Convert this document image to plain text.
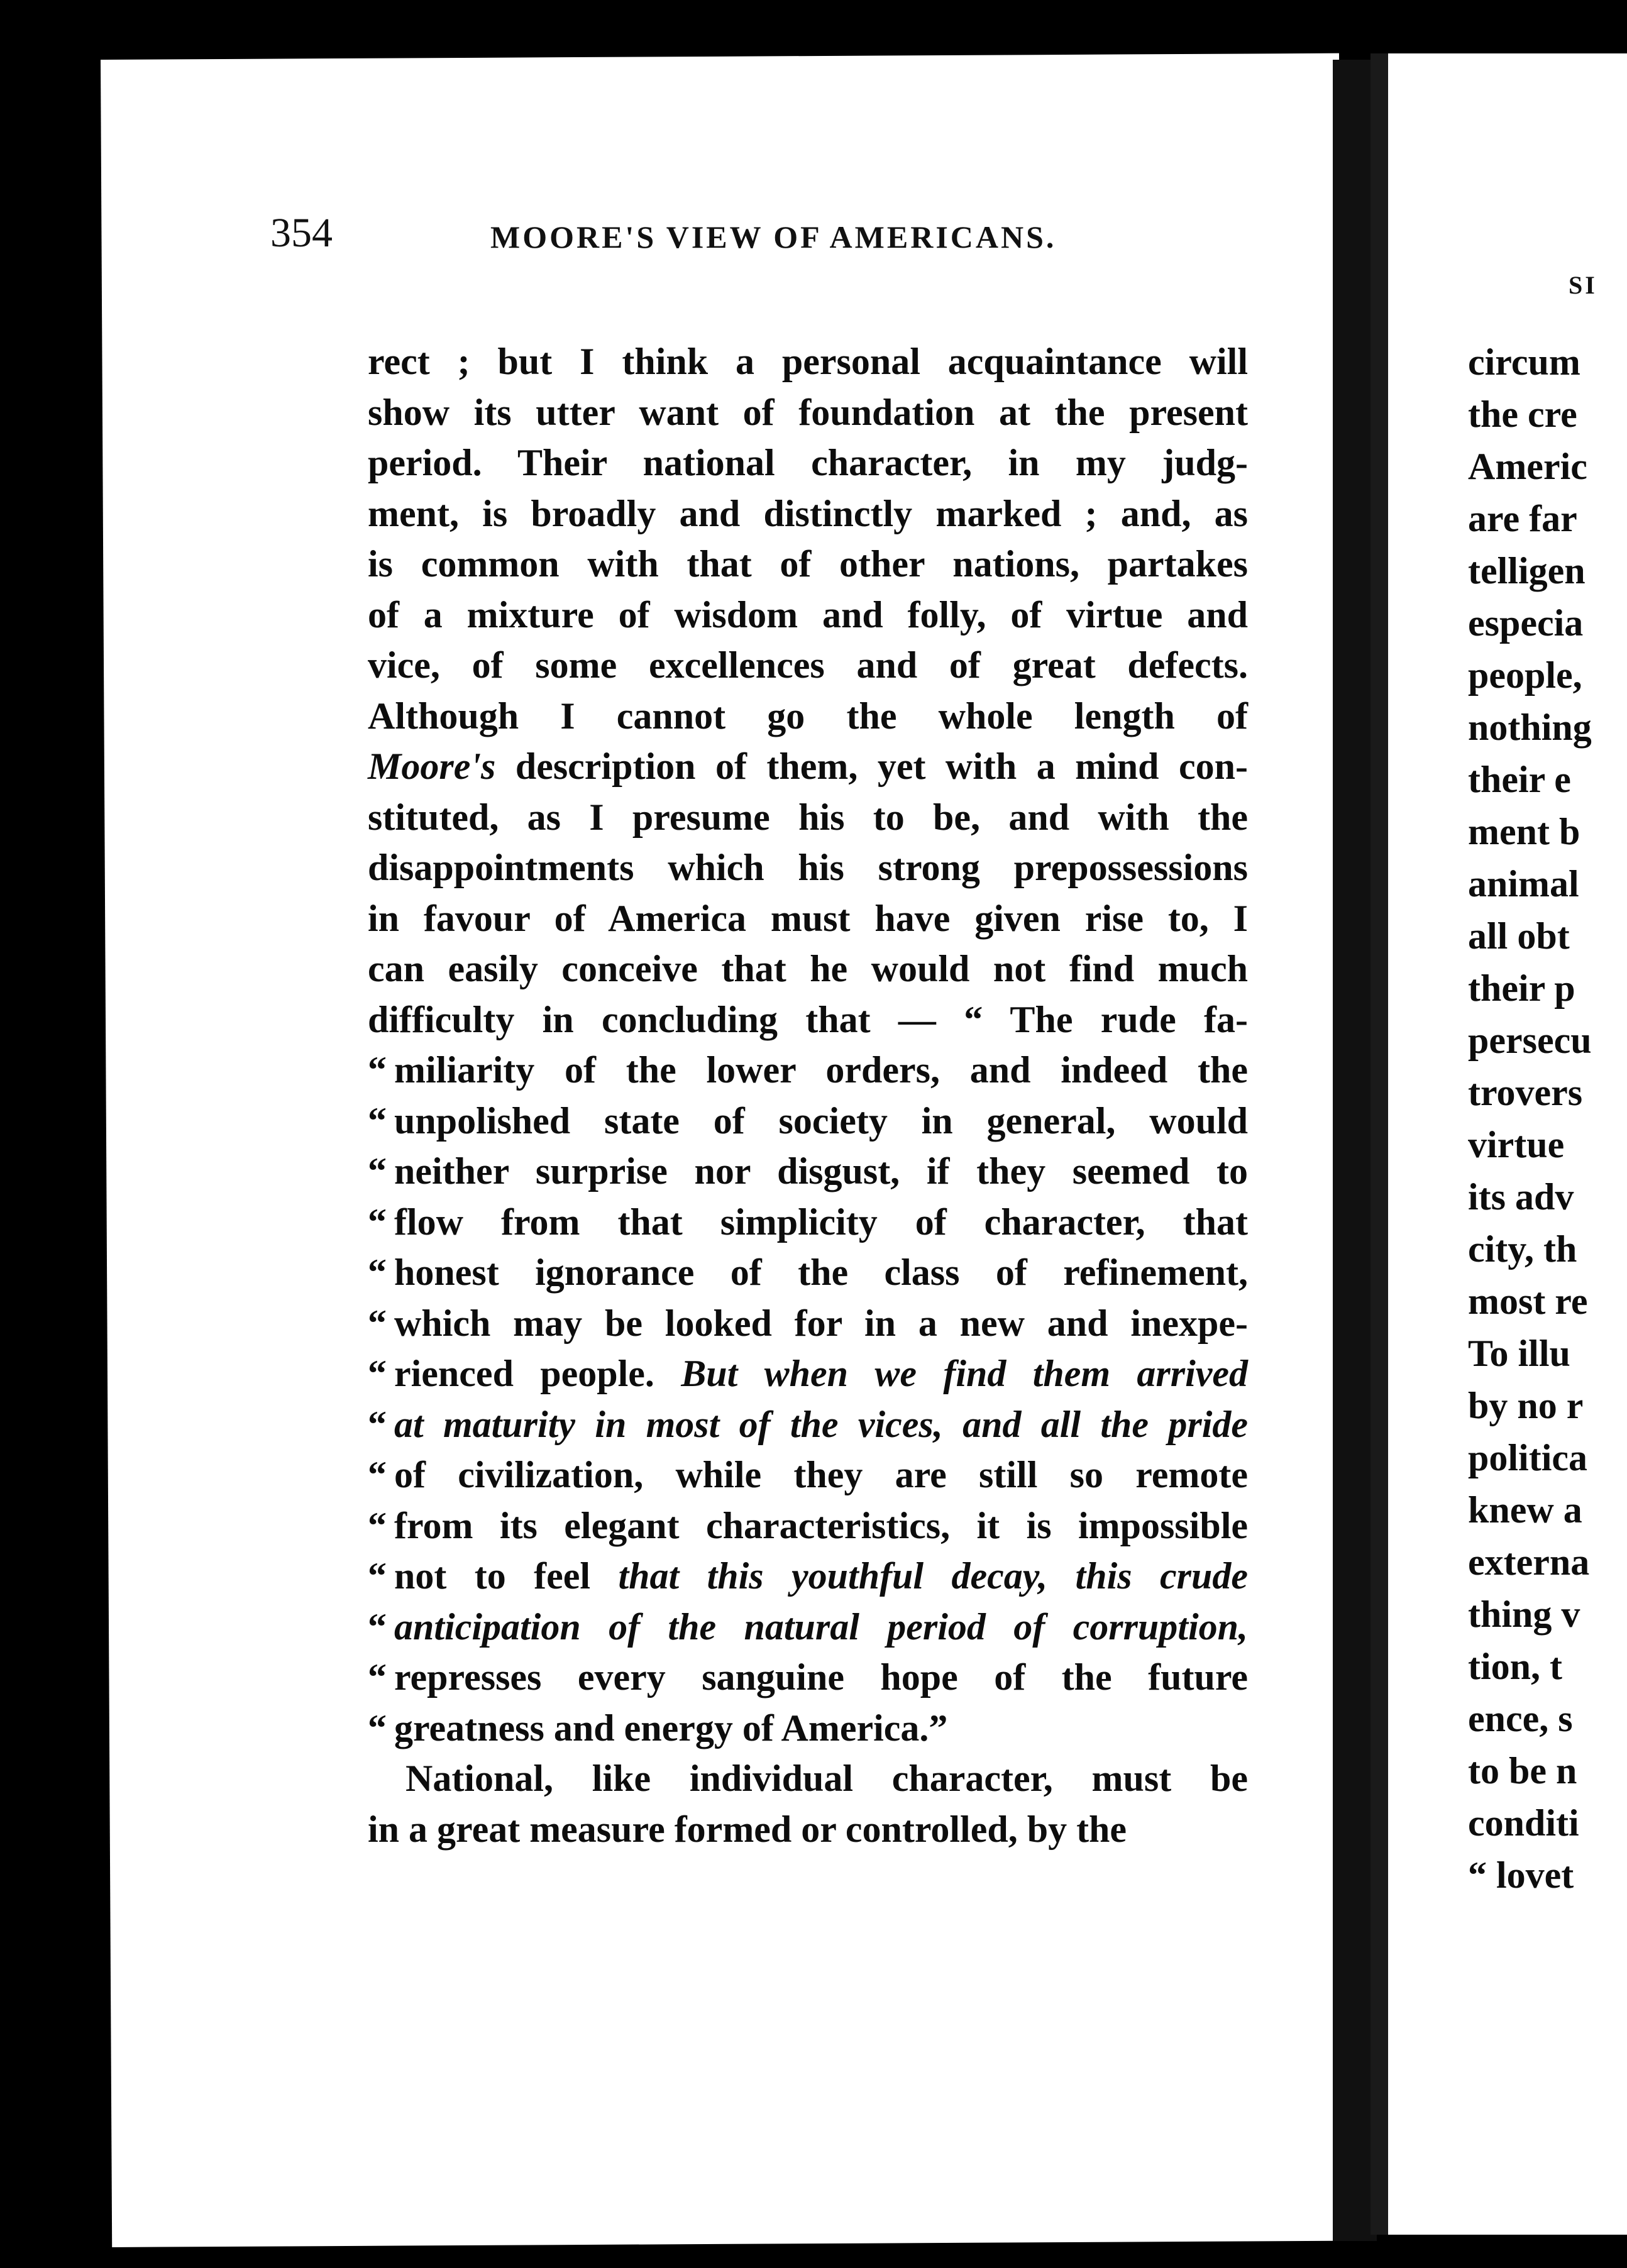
354	MOORE'S VIEW OF AMERICANS.
rect ; but I think a personal acquaintance will
show its utter want of foundation at the present
period. Their national character, in my judg-
ment, is broadly and distinctly marked ; and, as
is common with that of other nations, partakes
of a mixture of wisdom and folly, of virtue and
vice, of some excellences and of great defects.
Although I cannot go the whole length of
Moore's description of them, yet with a mind con-
stituted, as I presume his to be, and with the
disappointments which his strong prepossessions
in favour of America must have given rise to, I
can easily conceive that he would not find much
difficulty in concluding that — “ The rude fa-
“ miliarity of the lower orders, and indeed the
“ unpolished state of society in general, would
“ neither surprise nor disgust, if they seemed to
“ flow from that simplicity of character, that
“ honest ignorance of the class of refinement,
“ which may be looked for in a new and inexpe-
“ rienced people. But when we find them arrived
“ at maturity in most of the vices, and all the pride
“ of civilization, while they are still so remote
“ from its elegant characteristics, it is impossible
“ not to feel that this youthful decay, this crude
“ anticipation of the natural period of corruption,
“ represses every sanguine hope of the future
“ greatness and energy of America.”
National, like individual character, must be
in a great measure formed or controlled, by the
SI
circum
the cre
Americ
are far
telligen
especia
people,
nothing
their e
ment b
animal
all obt
their p
persecu
trovers
virtue
its adv
city, th
most re
To illu
by no r
politica
knew a
externa
thing v
tion, t
ence, s
to be n
conditi
“ lovet
